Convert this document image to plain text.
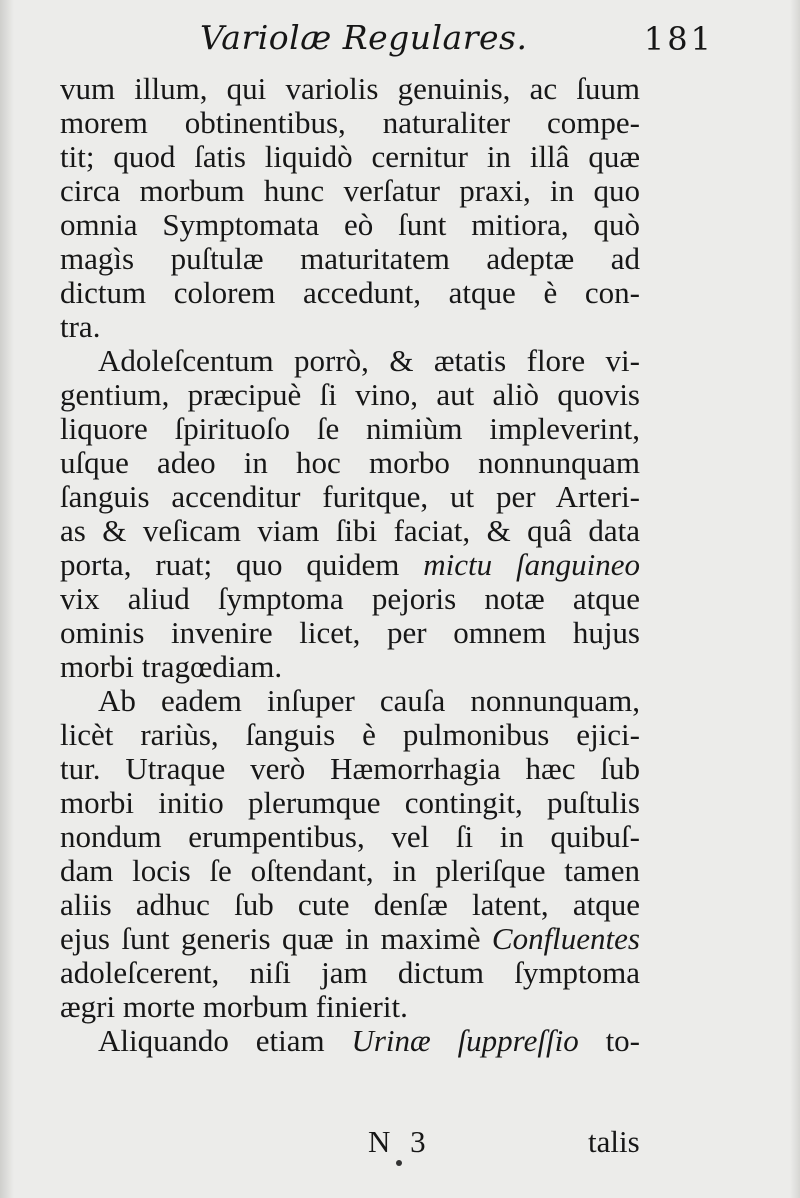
Variolæ Regulares.	181
vum illum, qui variolis genuinis, ac ſuum
morem obtinentibus, naturaliter compe-
tit; quod ſatis liquidò cernitur in illâ quæ
circa morbum hunc verſatur praxi, in quo
omnia Symptomata eò ſunt mitiora, quò
magìs puſtulæ maturitatem adeptæ ad
dictum colorem accedunt, atque è con-
tra.
Adoleſcentum porrò, & ætatis flore vi-
gentium, præcipuè ſi vino, aut aliò quovis
liquore ſpirituoſo ſe nimiùm impleverint,
uſque adeo in hoc morbo nonnunquam
ſanguis accenditur furitque, ut per Arteri-
as & veſicam viam ſibi faciat, & quâ data
porta, ruat; quo quidem mictu ſanguineo
vix aliud ſymptoma pejoris notæ atque
ominis invenire licet, per omnem hujus
morbi tragœdiam.
Ab eadem inſuper cauſa nonnunquam,
licèt rariùs, ſanguis è pulmonibus ejici-
tur. Utraque verò Hæmorrhagia hæc ſub
morbi initio plerumque contingit, puſtulis
nondum erumpentibus, vel ſi in quibuſ-
dam locis ſe oſtendant, in pleriſque tamen
aliis adhuc ſub cute denſæ latent, atque
ejus ſunt generis quæ in maximè Confluentes
adoleſcerent, niſi jam dictum ſymptoma
ægri morte morbum finierit.
Aliquando etiam Urinæ ſuppreſſio to-
N 3	talis
